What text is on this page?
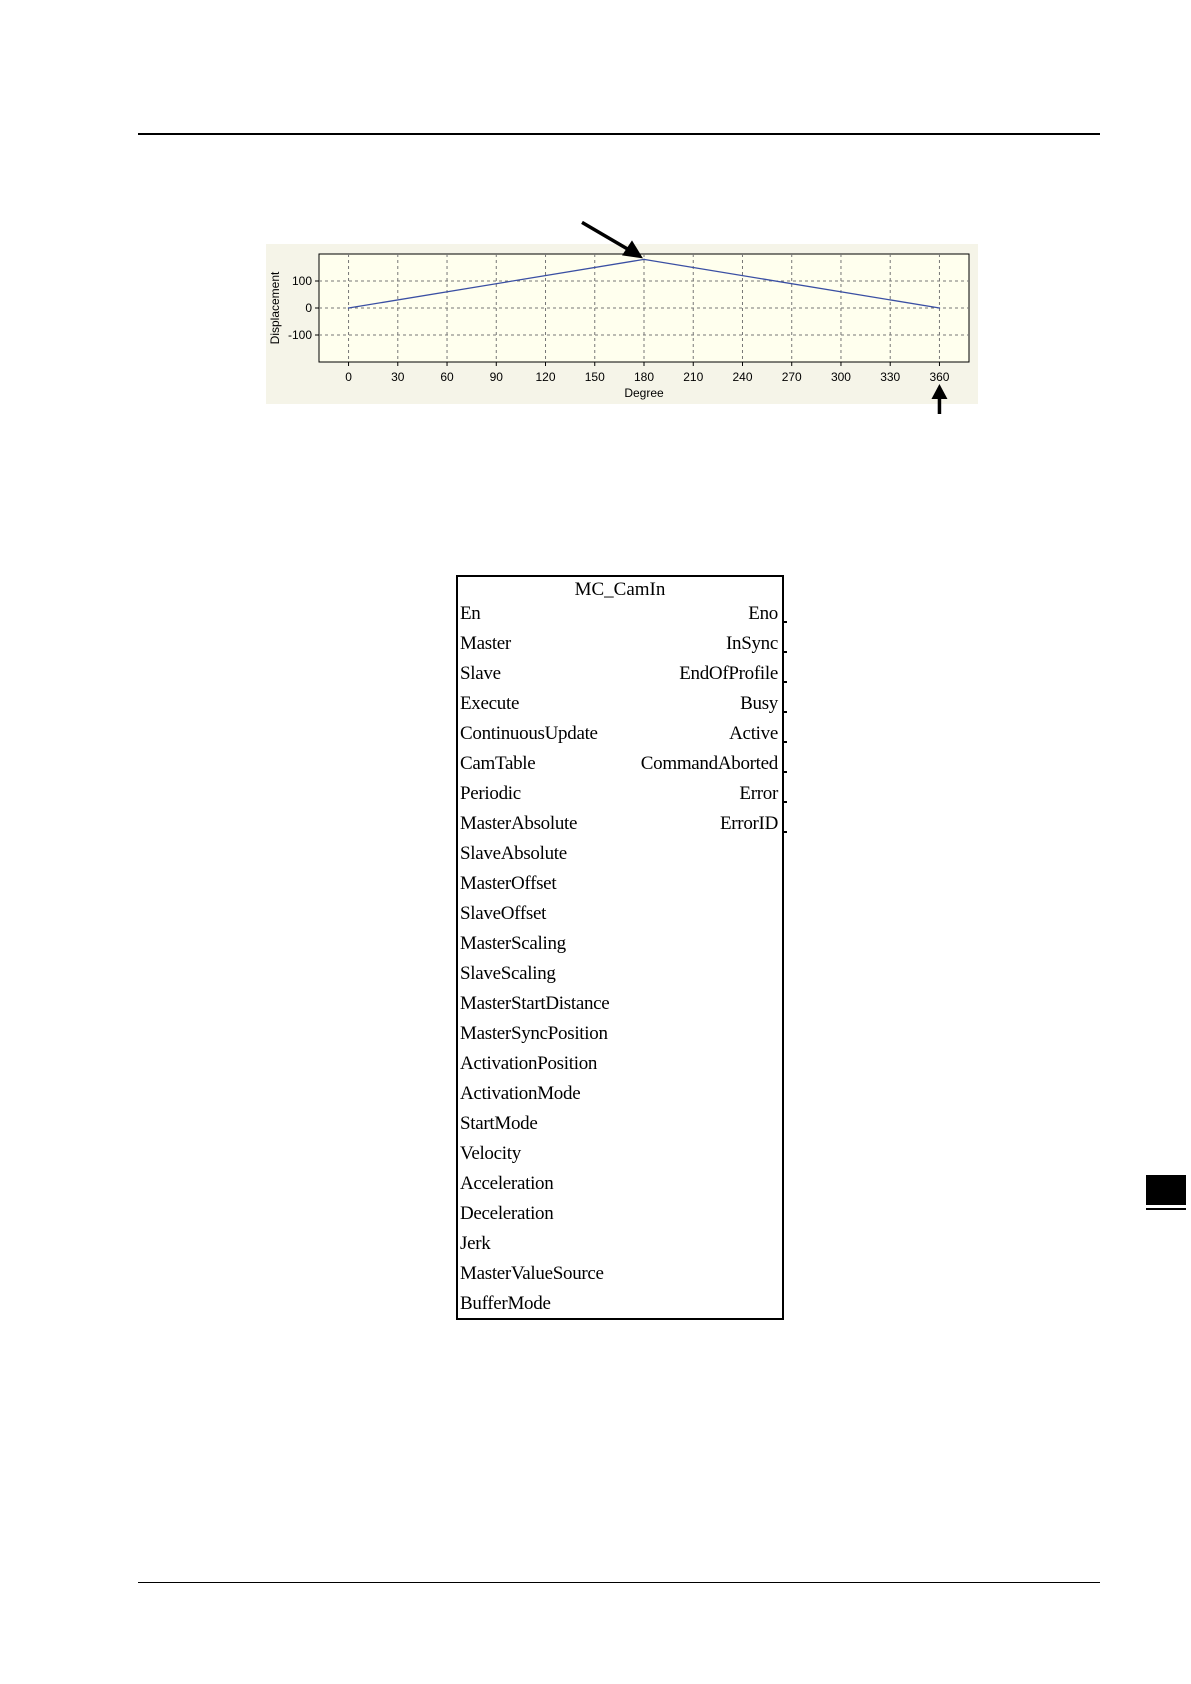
0	30	60	90	120 150 180 210 240 270 300 330 360
-100
0
100
Degree
Displacement
MC_CamIn
En
Master
Slave
Execute
ContinuousUpdate
CamTable
Periodic
MasterAbsolute
SlaveAbsolute
MasterOffset
SlaveOffset
MasterScaling
SlaveScaling
MasterStartDistance
MasterSyncPosition
ActivationPosition
ActivationMode
StartMode
Velocity
Acceleration
Deceleration
Jerk
MasterValueSource
BufferMode
Eno
InSync
EndOfProfile
Busy
Active
CommandAborted
Error
ErrorID
